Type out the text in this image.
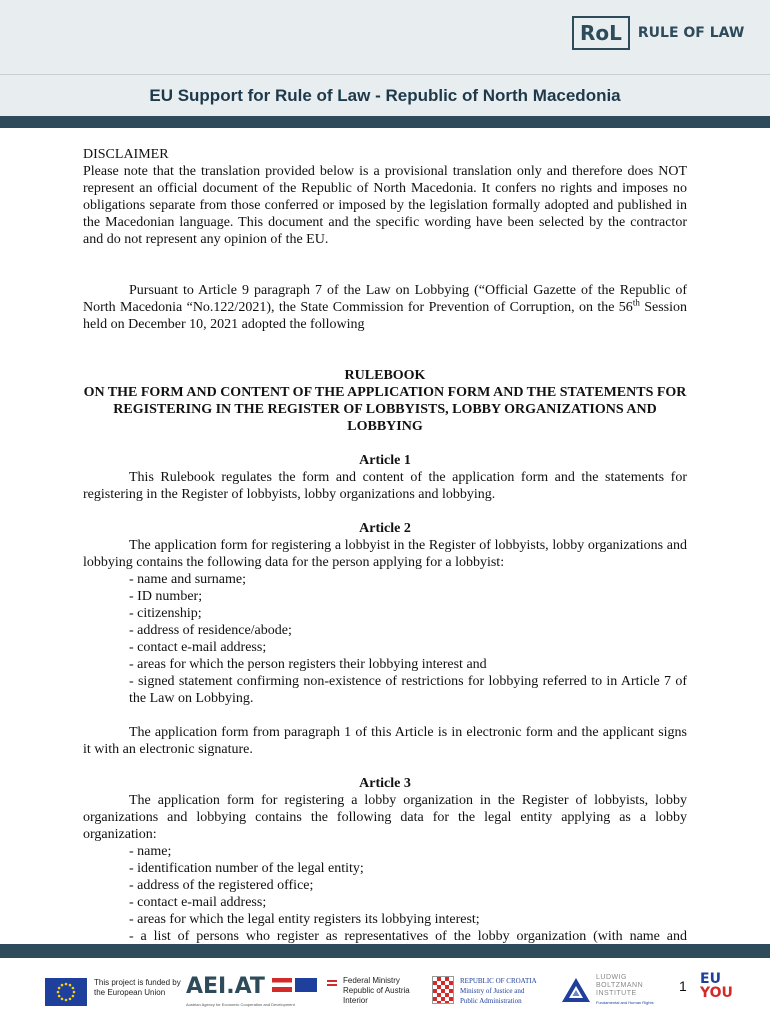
RoL	RULE OF LAW
EU Support for Rule of Law - Republic of North Macedonia

DISCLAIMER

Please note that the translation provided below is a provisional translation only and therefore does NOT represent an official document of the Republic of North Macedonia. It confers no rights and imposes no obligations separate from those conferred or imposed by the legislation formally adopted and published in the Macedonian language. This document and the specific wording have been selected by the contractor and do not represent any opinion of the EU.

Pursuant to Article 9 paragraph 7 of the Law on Lobbying (“Official Gazette of the Republic of North Macedonia “No.122/2021), the State Commission for Prevention of Corruption, on the 56th Session held on December 10, 2021 adopted the following

RULEBOOK

ON THE FORM AND CONTENT OF THE APPLICATION FORM AND THE STATEMENTS FOR REGISTERING IN THE REGISTER OF LOBBYISTS, LOBBY ORGANIZATIONS AND LOBBYING

Article 1

This Rulebook regulates the form and content of the application form and the statements for registering in the Register of lobbyists, lobby organizations and lobbying.

Article 2

The application form for registering a lobbyist in the Register of lobbyists, lobby organizations and lobbying contains the following data for the person applying for a lobbyist:

- name and surname;
- ID number;
- citizenship;
- address of residence/abode;
- contact e-mail address;
- areas for which the person registers their lobbying interest and
- signed statement confirming non-existence of restrictions for lobbying referred to in Article 7 of the Law on Lobbying.

The application form from paragraph 1 of this Article is in electronic form and the applicant signs it with an electronic signature.

Article 3

The application form for registering a lobby organization in the Register of lobbyists, lobby organizations and lobbying contains the following data for the legal entity applying as a lobby organization:

- name;
- identification number of the legal entity;
- address of the registered office;
- contact e-mail address;
- areas for which the legal entity registers its lobbying interest;
- a list of persons who register as representatives of the lobby organization (with name and
This project is funded by
the European Union AEI.AT
Austrian Agency for Economic Cooperation and Development
Federal Ministry
Republic of Austria
Interior
REPUBLIC OF CROATIA
Ministry of Justice and
Public Administration
LUDWIG
BOLTZMANN
INSTITUTE
Fundamental and Human Rights
1 EU
YOU
